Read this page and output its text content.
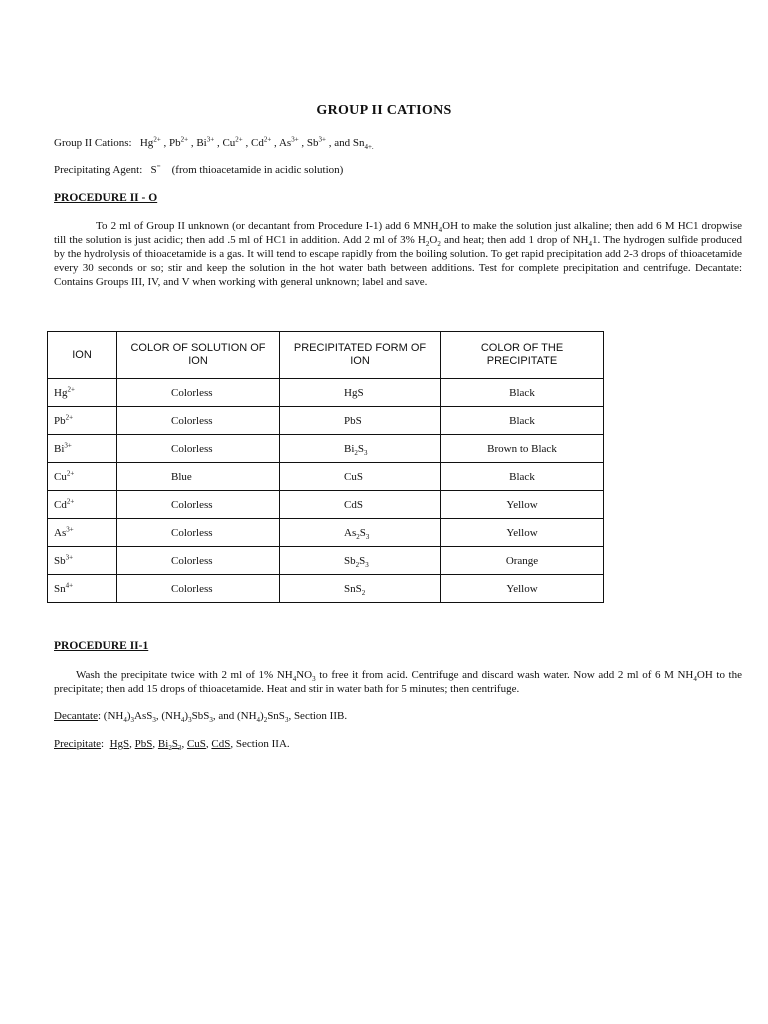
GROUP II CATIONS
Group II Cations: $Hg^{2+}$ , $Pb^{2+}$ , $Bi^{3+}$ , $Cu^{2+}$ , $Cd^{2+}$ , $As^{3+}$ , $Sb^{3+}$ , and $Sn_{4+.}$
Precipitating Agent: S= (from thioacetamide in acidic solution)
PROCEDURE II - O
To 2 ml of Group II unknown (or decantant from Procedure I-1) add 6 $MNH_4OH$ to make the solution just alkaline; then add 6 M HC1 dropwise till the solution is just acidic; then add .5 ml of HC1 in addition. Add 2 ml of 3% $H_2O_2$ and heat; then add 1 drop of $NH_41$. The hydrogen sulfide produced by the hydrolysis of thioacetamide is a gas. It will tend to escape rapidly from the boiling solution. To get rapid precipitation add 2-3 drops of thioacetamide every 30 seconds or so; stir and keep the solution in the hot water bath between additions. Test for complete precipitation and centrifuge. Decantate: Contains Groups III, IV, and V when working with general unknown; label and save.
ION	COLOR OF SOLUTION OF ION	PRECIPITATED FORM OF ION	COLOR OF THE PRECIPITATE
$Hg^{2+}$	Colorless	HgS	Black
$Pb^{2+}$	Colorless	PbS	Black
$Bi^{3+}$	Colorless	$Bi_2S_3$	Brown to Black
$Cu^{2+}$	Blue	CuS	Black
$Cd^{2+}$	Colorless	CdS	Yellow
$As^{3+}$	Colorless	$As_2S_3$	Yellow
$Sb^{3+}$	Colorless	$Sb_2S_3$	Orange
$Sn^{4+}$	Colorless	SnS$_2$	Yellow
PROCEDURE II-1
Wash the precipitate twice with 2 ml of 1% $NH_4NO_3$ to free it from acid. Centrifuge and discard wash water. Now add 2 ml of 6 M $NH_4OH$ to the precipitate; then add 15 drops of thioacetamide. Heat and stir in water bath for 5 minutes; then centrifuge.
Decantate: $(NH_4)_3AsS_3$, $(NH_4)_3SbS_3$, and $(NH_4)_2SnS_3$, Section IIB.
Precipitate:  HgS, PbS, $Bi_2S_3$, CuS, CdS, Section IIA.
